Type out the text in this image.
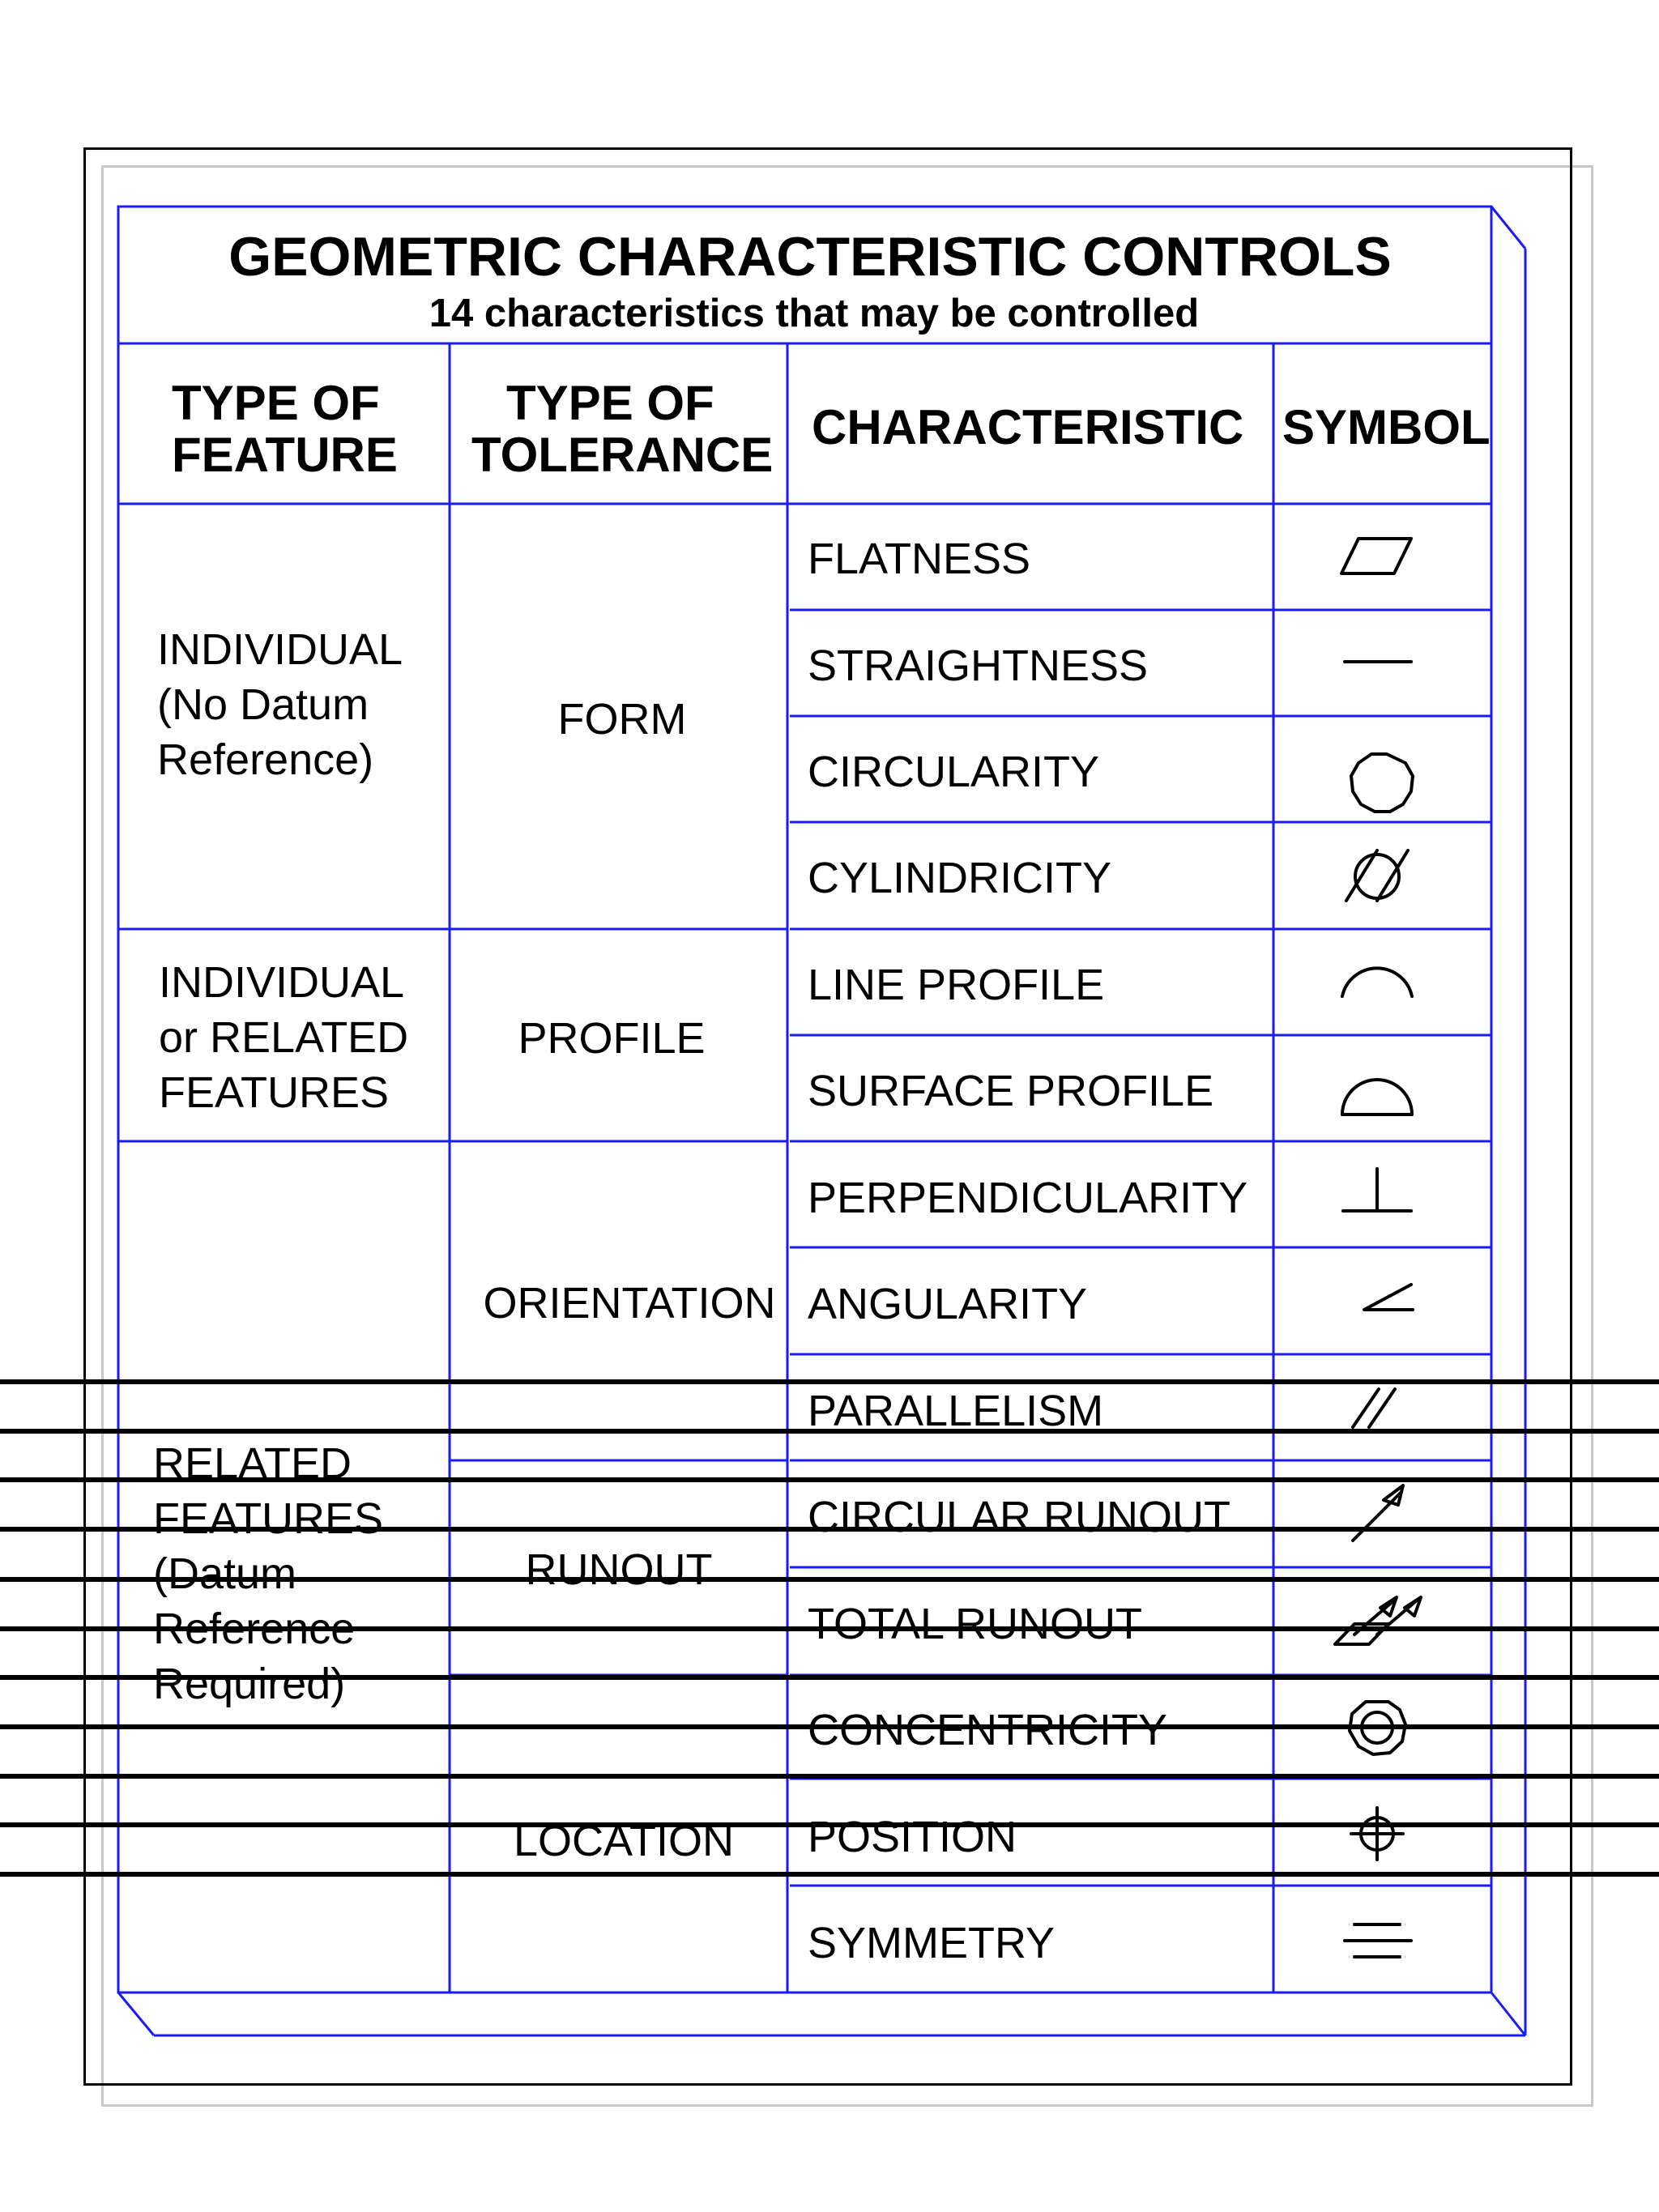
GEOMETRIC CHARACTERISTIC CONTROLS
14 characteristics that may be controlled
TYPE OF
FEATURE
TYPE OF
TOLERANCE
CHARACTERISTIC SYMBOL
INDIVIDUAL
(No Datum
Reference)
INDIVIDUAL
or RELATED
FEATURES
RELATED
FEATURES
(Datum
Reference
Required)
FORM
PROFILE
ORIENTATION
RUNOUT
LOCATION
FLATNESS
STRAIGHTNESS
CIRCULARITY
CYLINDRICITY
LINE PROFILE
SURFACE PROFILE
PERPENDICULARITY
ANGULARITY
PARALLELISM
CIRCULAR RUNOUT
TOTAL RUNOUT
CONCENTRICITY
POSITION
SYMMETRY
